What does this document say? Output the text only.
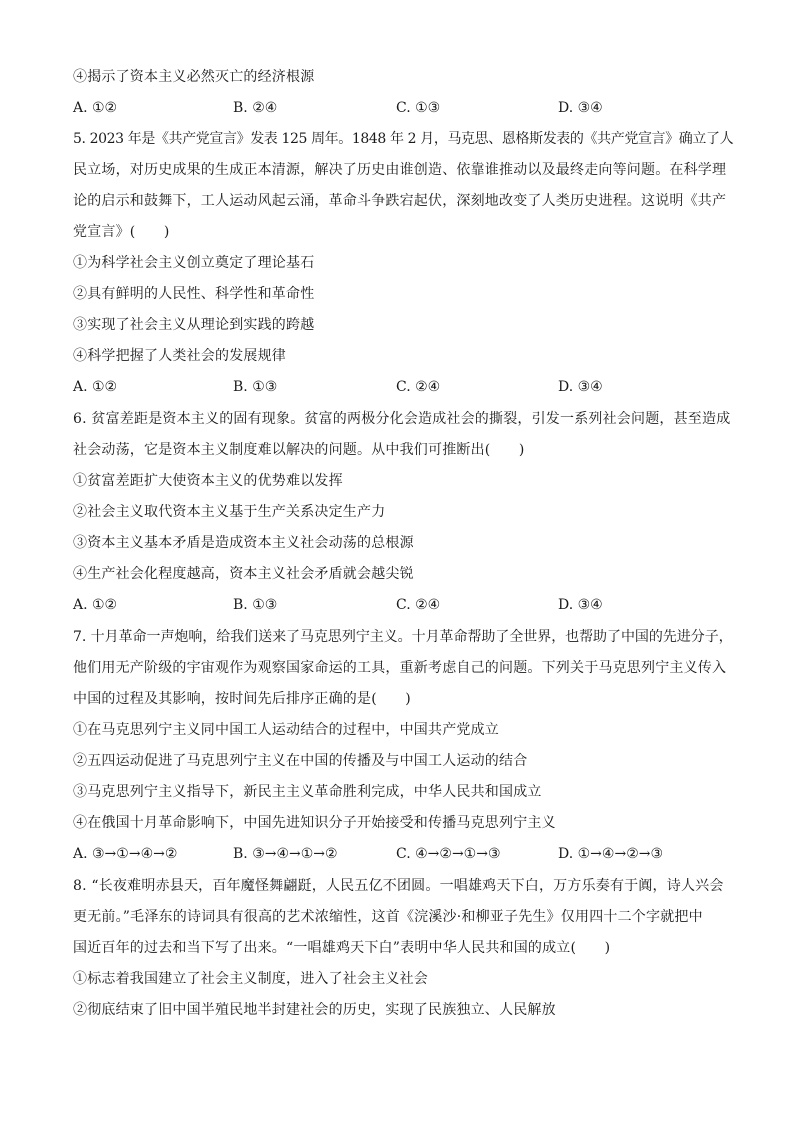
④揭示了资本主义必然灭亡的经济根源
A. ①②	B. ②④	C. ①③	D. ③④
5. 2023 年是《共产党宣言》发表 125 周年。1848 年 2 月，马克思、恩格斯发表的《共产党宣言》确立了人
民立场，对历史成果的生成正本清源，解决了历史由谁创造、依靠谁推动以及最终走向等问题。在科学理
论的启示和鼓舞下，工人运动风起云涌，革命斗争跌宕起伏，深刻地改变了人类历史进程。这说明《共产
党宣言》(　　)
①为科学社会主义创立奠定了理论基石
②具有鲜明的人民性、科学性和革命性
③实现了社会主义从理论到实践的跨越
④科学把握了人类社会的发展规律
A. ①②	B. ①③	C. ②④	D. ③④
6. 贫富差距是资本主义的固有现象。贫富的两极分化会造成社会的撕裂，引发一系列社会问题，甚至造成
社会动荡，它是资本主义制度难以解决的问题。从中我们可推断出(　　)
①贫富差距扩大使资本主义的优势难以发挥
②社会主义取代资本主义基于生产关系决定生产力
③资本主义基本矛盾是造成资本主义社会动荡的总根源
④生产社会化程度越高，资本主义社会矛盾就会越尖锐
A. ①②	B. ①③	C. ②④	D. ③④
7. 十月革命一声炮响，给我们送来了马克思列宁主义。十月革命帮助了全世界，也帮助了中国的先进分子，
他们用无产阶级的宇宙观作为观察国家命运的工具，重新考虑自己的问题。下列关于马克思列宁主义传入
中国的过程及其影响，按时间先后排序正确的是(　　)
①在马克思列宁主义同中国工人运动结合的过程中，中国共产党成立
②五四运动促进了马克思列宁主义在中国的传播及与中国工人运动的结合
③马克思列宁主义指导下，新民主主义革命胜利完成，中华人民共和国成立
④在俄国十月革命影响下，中国先进知识分子开始接受和传播马克思列宁主义
A. ③→①→④→②	B. ③→④→①→②	C. ④→②→①→③	D. ①→④→②→③
8. “长夜难明赤县天，百年魔怪舞翩跹，人民五亿不团圆。一唱雄鸡天下白，万方乐奏有于阗，诗人兴会
更无前。”毛泽东的诗词具有很高的艺术浓缩性，这首《浣溪沙·和柳亚子先生》仅用四十二个字就把中
国近百年的过去和当下写了出来。“一唱雄鸡天下白”表明中华人民共和国的成立(　　)
①标志着我国建立了社会主义制度，进入了社会主义社会
②彻底结束了旧中国半殖民地半封建社会的历史，实现了民族独立、人民解放
